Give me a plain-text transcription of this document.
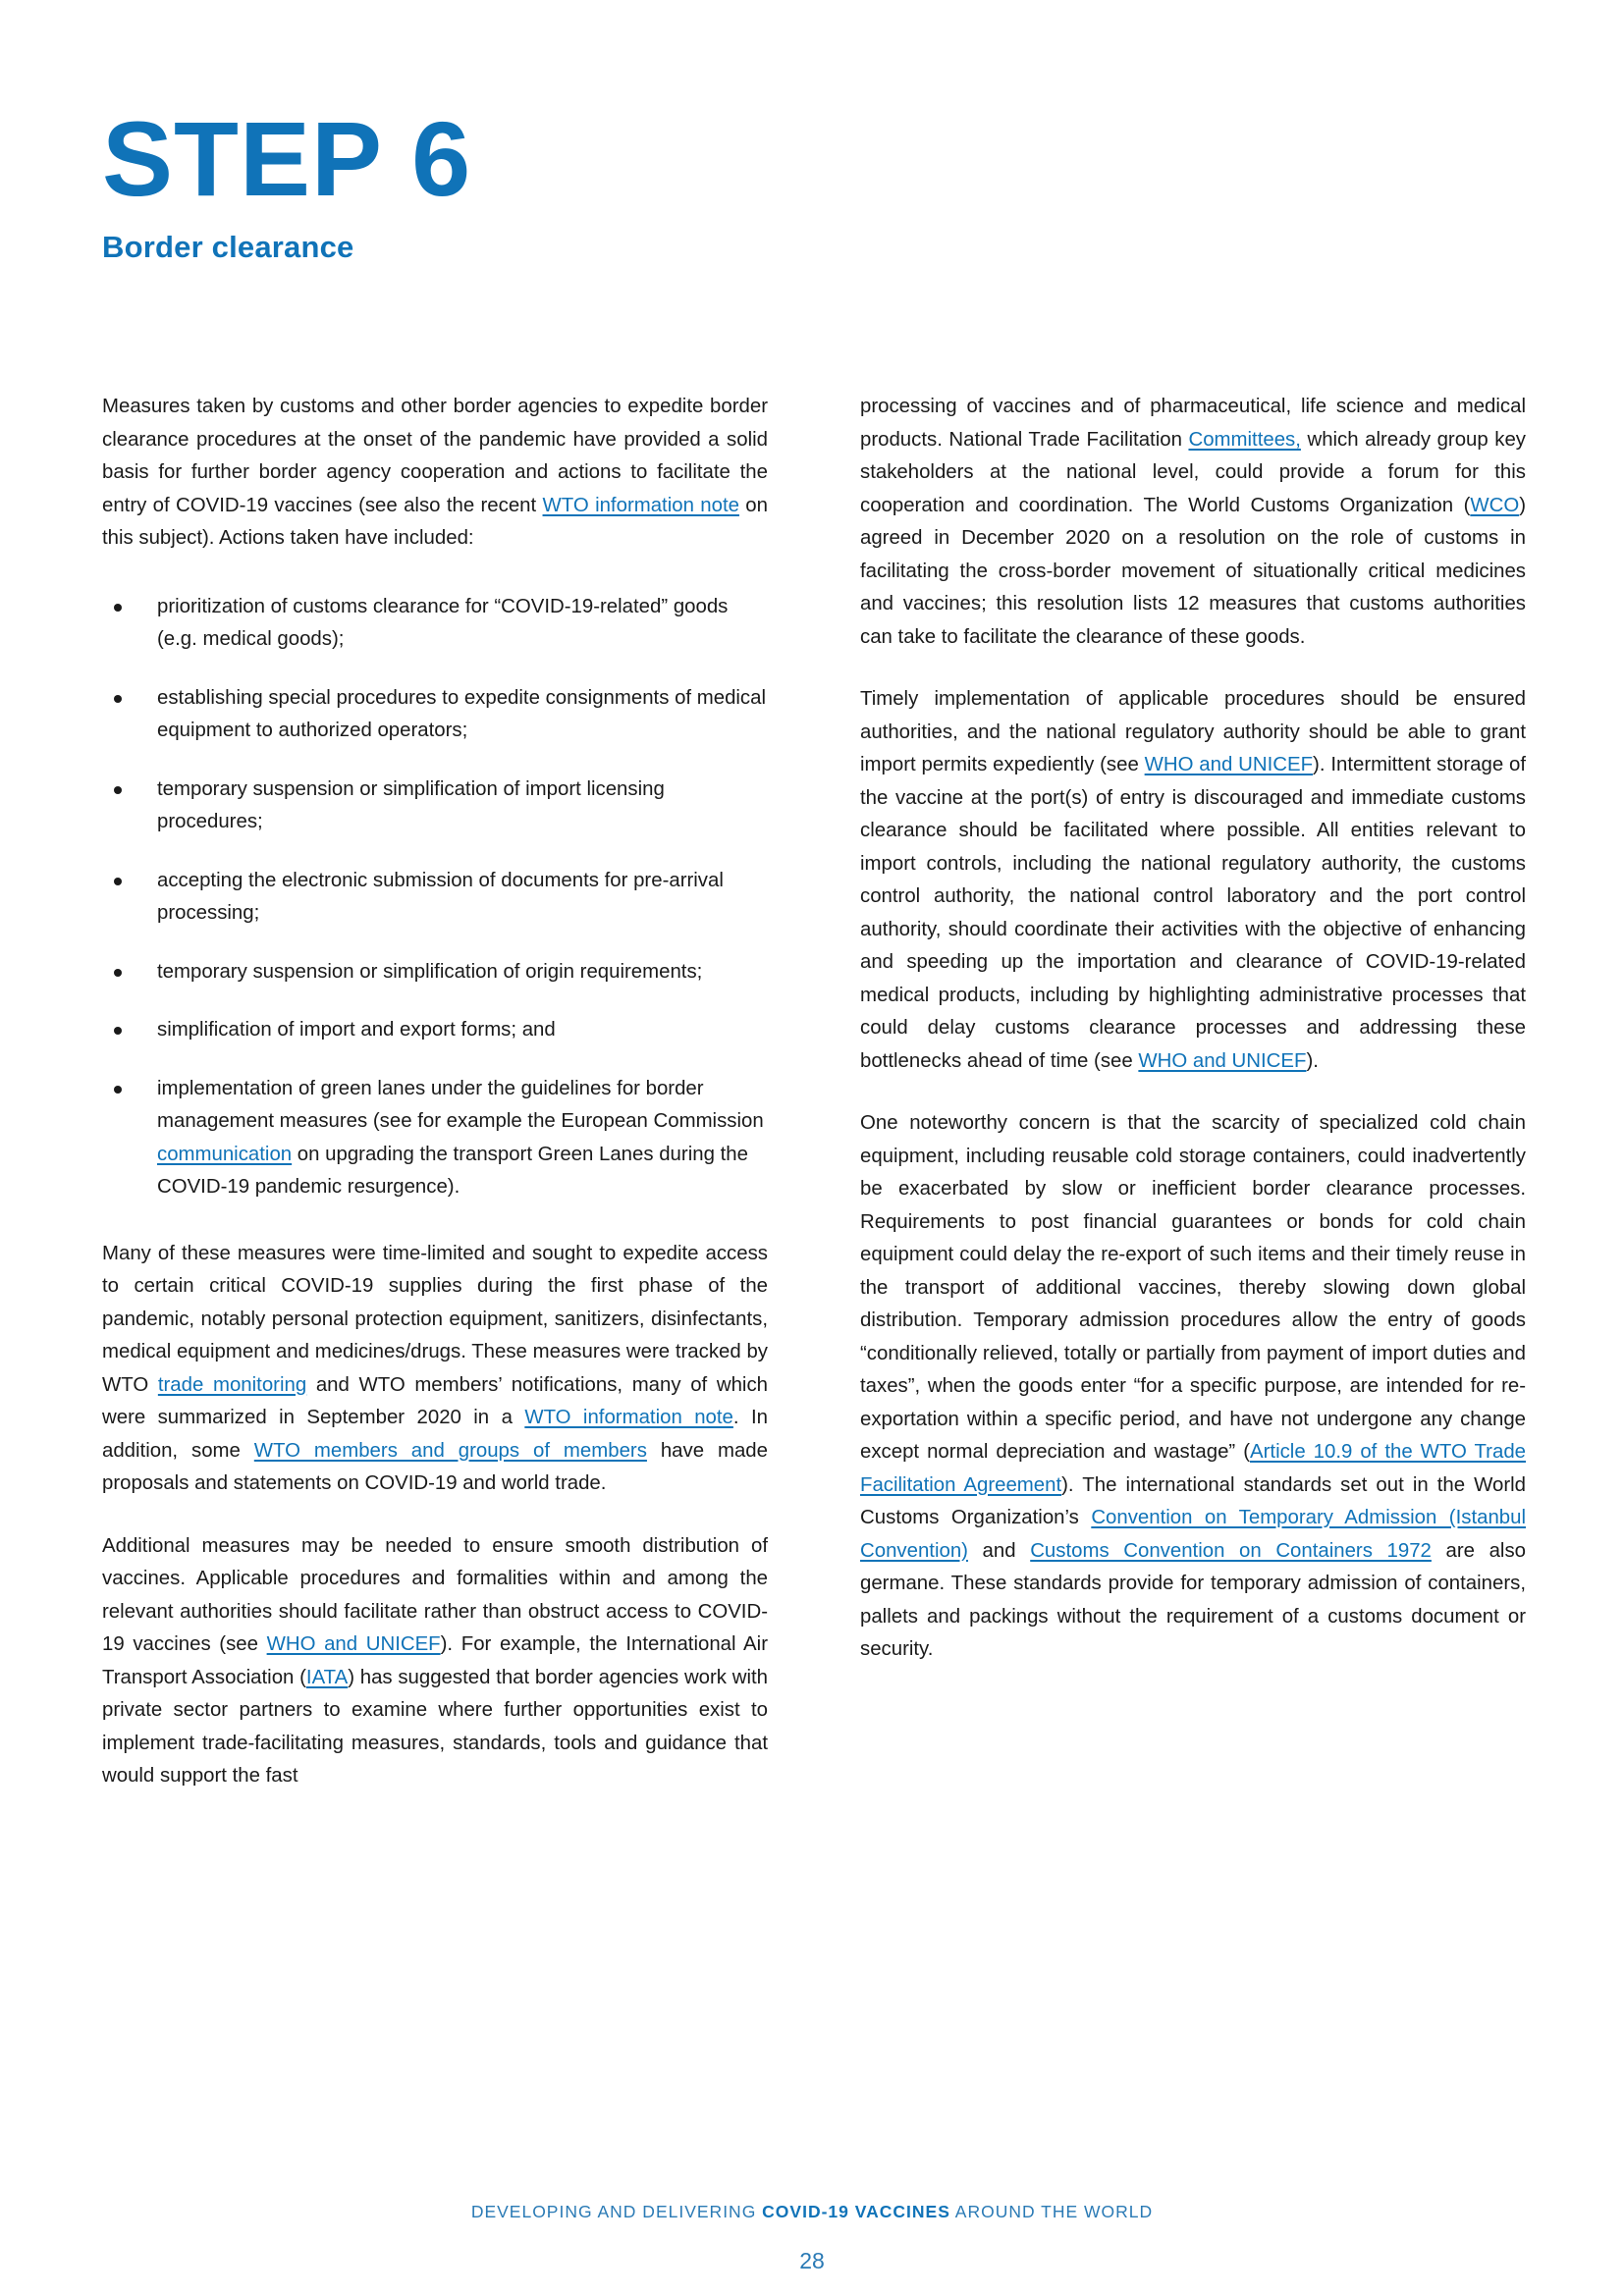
STEP 6
Border clearance

Measures taken by customs and other border agencies to expedite border clearance procedures at the onset of the pandemic have provided a solid basis for further border agency cooperation and actions to facilitate the entry of COVID-19 vaccines (see also the recent WTO information note on this subject). Actions taken have included:

prioritization of customs clearance for “COVID-19-related” goods (e.g. medical goods);
establishing special procedures to expedite consignments of medical equipment to authorized operators;
temporary suspension or simplification of import licensing procedures;
accepting the electronic submission of documents for pre-arrival processing;
temporary suspension or simplification of origin requirements;
simplification of import and export forms; and
implementation of green lanes under the guidelines for border management measures (see for example the European Commission communication on upgrading the transport Green Lanes during the COVID-19 pandemic resurgence).

Many of these measures were time-limited and sought to expedite access to certain critical COVID-19 supplies during the first phase of the pandemic, notably personal protection equipment, sanitizers, disinfectants, medical equipment and medicines/drugs. These measures were tracked by WTO trade monitoring and WTO members’ notifications, many of which were summarized in September 2020 in a WTO information note. In addition, some WTO members and groups of members have made proposals and statements on COVID-19 and world trade.

Additional measures may be needed to ensure smooth distribution of vaccines. Applicable procedures and formalities within and among the relevant authorities should facilitate rather than obstruct access to COVID-19 vaccines (see WHO and UNICEF). For example, the International Air Transport Association (IATA) has suggested that border agencies work with private sector partners to examine where further opportunities exist to implement trade-facilitating measures, standards, tools and guidance that would support the fast

processing of vaccines and of pharmaceutical, life science and medical products. National Trade Facilitation Committees, which already group key stakeholders at the national level, could provide a forum for this cooperation and coordination. The World Customs Organization (WCO) agreed in December 2020 on a resolution on the role of customs in facilitating the cross-border movement of situationally critical medicines and vaccines; this resolution lists 12 measures that customs authorities can take to facilitate the clearance of these goods.

Timely implementation of applicable procedures should be ensured authorities, and the national regulatory authority should be able to grant import permits expediently (see WHO and UNICEF). Intermittent storage of the vaccine at the port(s) of entry is discouraged and immediate customs clearance should be facilitated where possible. All entities relevant to import controls, including the national regulatory authority, the customs control authority, the national control laboratory and the port control authority, should coordinate their activities with the objective of enhancing and speeding up the importation and clearance of COVID-19-related medical products, including by highlighting administrative processes that could delay customs clearance processes and addressing these bottlenecks ahead of time (see WHO and UNICEF).

One noteworthy concern is that the scarcity of specialized cold chain equipment, including reusable cold storage containers, could inadvertently be exacerbated by slow or inefficient border clearance processes. Requirements to post financial guarantees or bonds for cold chain equipment could delay the re-export of such items and their timely reuse in the transport of additional vaccines, thereby slowing down global distribution. Temporary admission procedures allow the entry of goods “conditionally relieved, totally or partially from payment of import duties and taxes”, when the goods enter “for a specific purpose, are intended for re-exportation within a specific period, and have not undergone any change except normal depreciation and wastage” (Article 10.9 of the WTO Trade Facilitation Agreement). The international standards set out in the World Customs Organization’s Convention on Temporary Admission (Istanbul Convention) and Customs Convention on Containers 1972 are also germane. These standards provide for temporary admission of containers, pallets and packings without the requirement of a customs document or security.

DEVELOPING AND DELIVERING COVID-19 VACCINES AROUND THE WORLD

28
